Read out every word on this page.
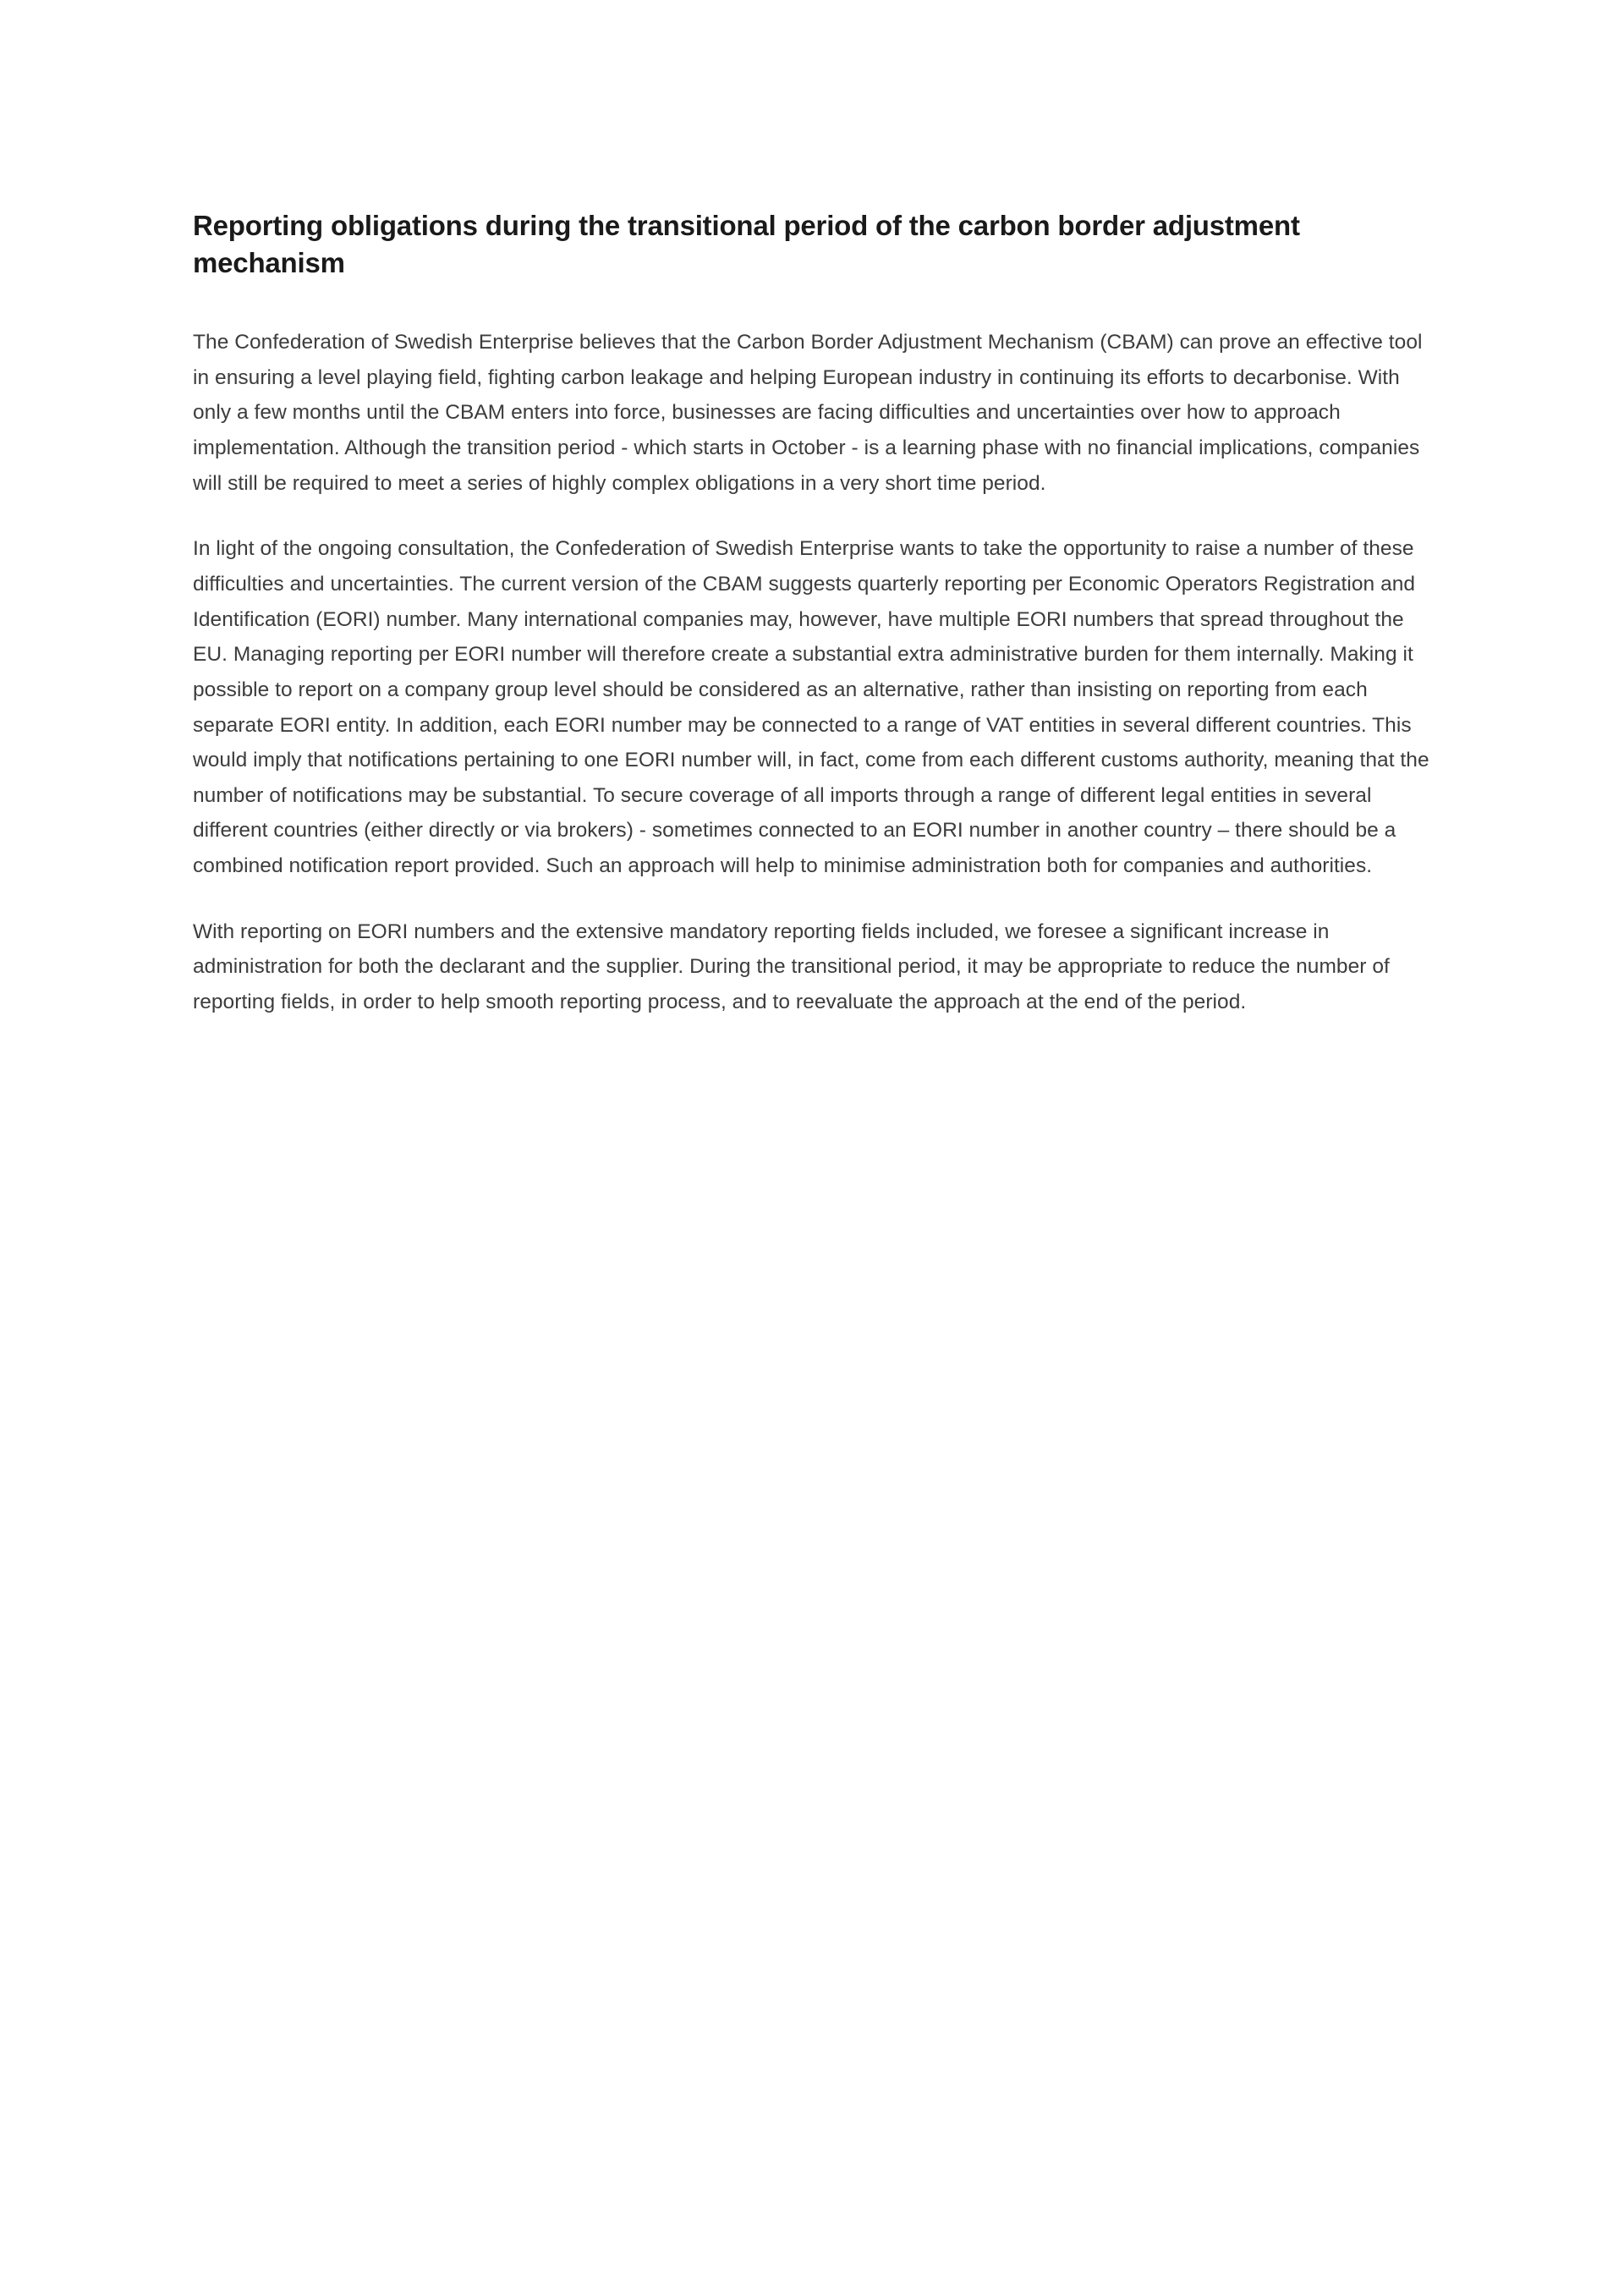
Reporting obligations during the transitional period of the carbon border adjustment mechanism

The Confederation of Swedish Enterprise believes that the Carbon Border Adjustment Mechanism (CBAM) can prove an effective tool in ensuring a level playing field, fighting carbon leakage and helping European industry in continuing its efforts to decarbonise. With only a few months until the CBAM enters into force, businesses are facing difficulties and uncertainties over how to approach implementation. Although the transition period - which starts in October - is a learning phase with no financial implications, companies will still be required to meet a series of highly complex obligations in a very short time period.

In light of the ongoing consultation, the Confederation of Swedish Enterprise wants to take the opportunity to raise a number of these difficulties and uncertainties. The current version of the CBAM suggests quarterly reporting per Economic Operators Registration and Identification (EORI) number. Many international companies may, however, have multiple EORI numbers that spread throughout the EU. Managing reporting per EORI number will therefore create a substantial extra administrative burden for them internally. Making it possible to report on a company group level should be considered as an alternative, rather than insisting on reporting from each separate EORI entity. In addition, each EORI number may be connected to a range of VAT entities in several different countries. This would imply that notifications pertaining to one EORI number will, in fact, come from each different customs authority, meaning that the number of notifications may be substantial. To secure coverage of all imports through a range of different legal entities in several different countries (either directly or via brokers) - sometimes connected to an EORI number in another country – there should be a combined notification report provided. Such an approach will help to minimise administration both for companies and authorities.

With reporting on EORI numbers and the extensive mandatory reporting fields included, we foresee a significant increase in administration for both the declarant and the supplier. During the transitional period, it may be appropriate to reduce the number of reporting fields, in order to help smooth reporting process, and to reevaluate the approach at the end of the period.
